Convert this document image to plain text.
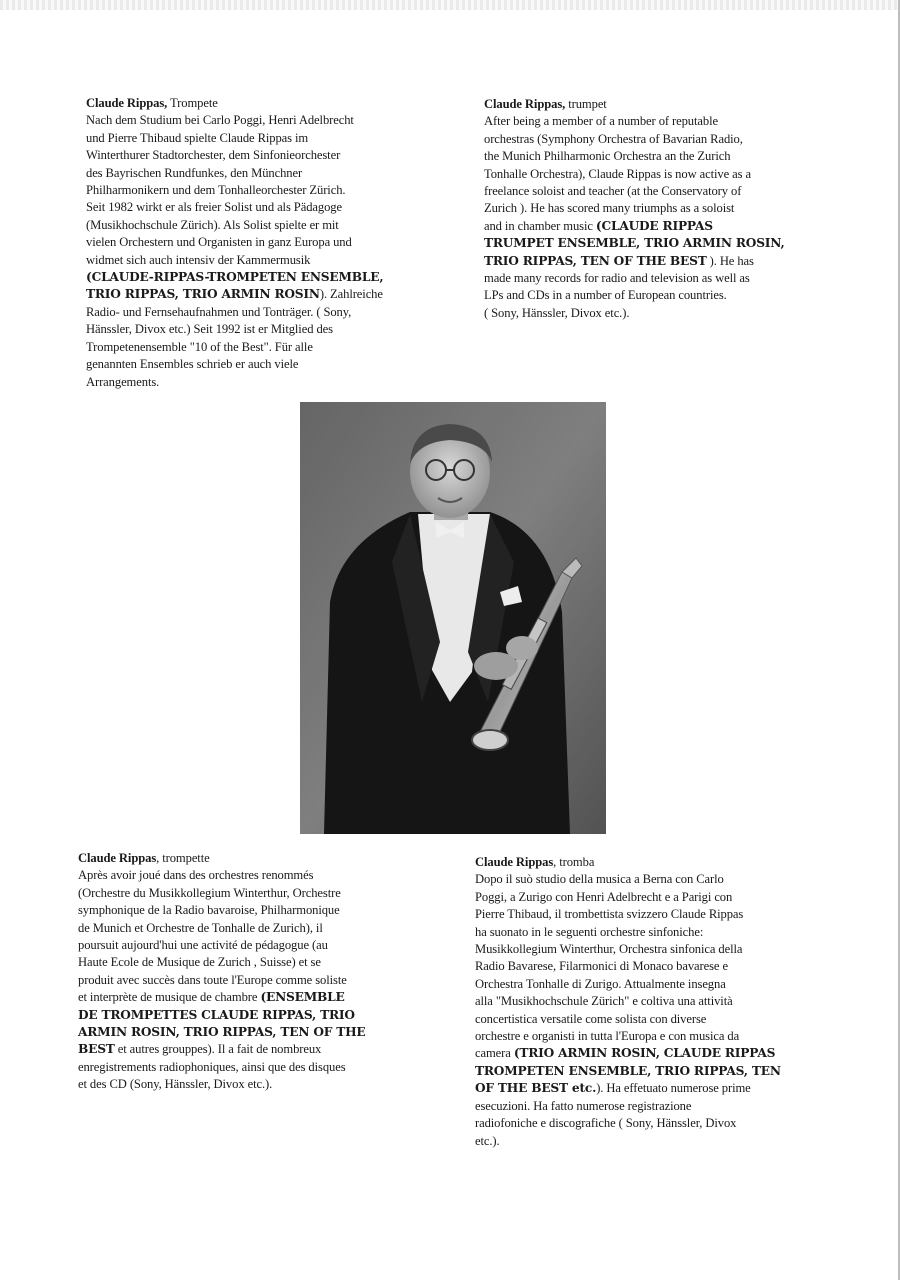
Claude Rippas, Trompete
Nach dem Studium bei Carlo Poggi, Henri Adelbrecht
und Pierre Thibaud spielte Claude Rippas im
Winterthurer Stadtorchester, dem Sinfonieorchester
des Bayrischen Rundfunkes, den Münchner
Philharmonikern und dem Tonhalleorchester Zürich.
Seit 1982 wirkt er als freier Solist und als Pädagoge
(Musikhochschule Zürich). Als Solist spielte er mit
vielen Orchestern und Organisten in ganz Europa und
widmet sich auch intensiv der Kammermusik
(CLAUDE-RIPPAS-TROMPETEN ENSEMBLE,
TRIO RIPPAS, TRIO ARMIN ROSIN). Zahlreiche
Radio- und Fernsehaufnahmen und Tonträger. ( Sony,
Hänssler, Divox etc.) Seit 1992 ist er Mitglied des
Trompetenensemble "10 of the Best". Für alle
genannten Ensembles schrieb er auch viele
Arrangements.
Claude Rippas, trumpet
After being a member of a number of reputable
orchestras (Symphony Orchestra of Bavarian Radio,
the Munich Philharmonic Orchestra an the Zurich
Tonhalle Orchestra), Claude Rippas is now active as a
freelance soloist and teacher (at the Conservatory of
Zurich ). He has scored many triumphs as a soloist
and in chamber music (CLAUDE RIPPAS
TRUMPET ENSEMBLE, TRIO ARMIN ROSIN,
TRIO RIPPAS, TEN OF THE BEST ). He has
made many records for radio and television as well as
LPs and CDs in a number of European countries.
( Sony, Hänssler, Divox etc.).
Claude Rippas, trompette
Après avoir joué dans des orchestres renommés
(Orchestre du Musikkollegium Winterthur, Orchestre
symphonique de la Radio bavaroise, Philharmonique
de Munich et Orchestre de Tonhalle de Zurich), il
poursuit aujourd'hui une activité de pédagogue (au
Haute Ecole de Musique de Zurich , Suisse) et se
produit avec succès dans toute l'Europe comme soliste
et interprète de musique de chambre (ENSEMBLE
DE TROMPETTES CLAUDE RIPPAS, TRIO
ARMIN ROSIN, TRIO RIPPAS, TEN OF THE
BEST et autres grouppes). Il a fait de nombreux
enregistrements radiophoniques, ainsi que des disques
et des CD (Sony, Hänssler, Divox etc.).
Claude Rippas, tromba
Dopo il suò studio della musica a Berna con Carlo
Poggi, a Zurigo con Henri Adelbrecht e a Parigi con
Pierre Thibaud, il trombettista svizzero Claude Rippas
ha suonato in le seguenti orchestre sinfoniche:
Musikkollegium Winterthur, Orchestra sinfonica della
Radio Bavarese, Filarmonici di Monaco bavarese e
Orchestra Tonhalle di Zurigo. Attualmente insegna
alla "Musikhochschule Zürich" e coltiva una attività
concertistica versatile come solista con diverse
orchestre e organisti in tutta l'Europa e con musica da
camera (TRIO ARMIN ROSIN, CLAUDE RIPPAS
TROMPETEN ENSEMBLE, TRIO RIPPAS, TEN
OF THE BEST etc.). Ha effetuato numerose prime
esecuzioni. Ha fatto numerose registrazione
radiofoniche e discografiche ( Sony, Hänssler, Divox
etc.).
